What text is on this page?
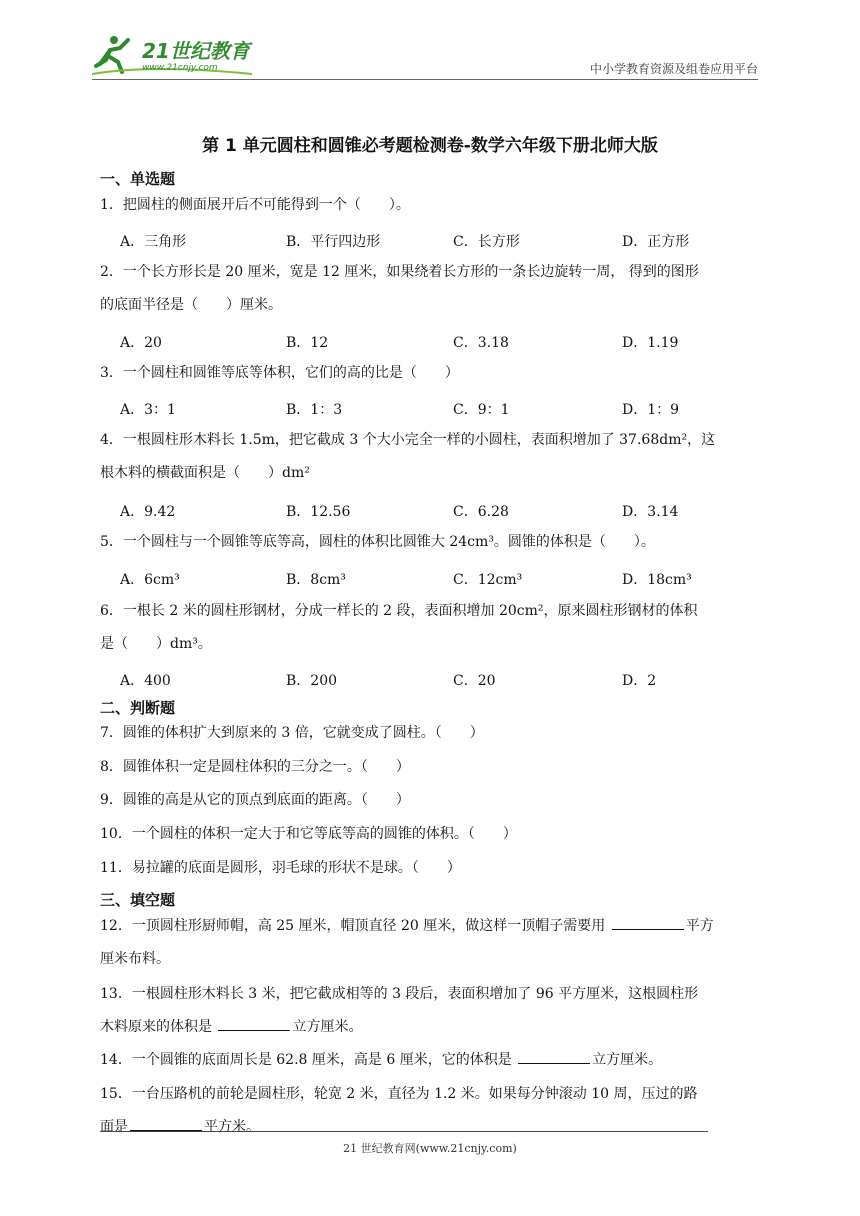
21世纪教育
www.21cnjy.com	中小学教育资源及组卷应用平台
第 1 单元圆柱和圆锥必考题检测卷-数学六年级下册北师大版
一、单选题
1．把圆柱的侧面展开后不可能得到一个（　　）。
A．三角形	B．平行四边形	C．长方形	D．正方形
2．一个长方形长是 20 厘米，宽是 12 厘米，如果绕着长方形的一条长边旋转一周， 得到的图形
的底面半径是（　　）厘米。
A．20	B．12	C．3.18	D．1.19
3．一个圆柱和圆锥等底等体积，它们的高的比是（　　）
A．3：1	B．1：3	C．9：1	D．1：9
4．一根圆柱形木料长 1.5m，把它截成 3 个大小完全一样的小圆柱，表面积增加了 37.68dm²，这
根木料的横截面积是（　　）dm²
A．9.42	B．12.56	C．6.28	D．3.14
5．一个圆柱与一个圆锥等底等高，圆柱的体积比圆锥大 24cm³。圆锥的体积是（　　）。
A．6cm³	B．8cm³	C．12cm³	D．18cm³
6．一根长 2 米的圆柱形钢材，分成一样长的 2 段，表面积增加 20cm²，原来圆柱形钢材的体积
是（　　）dm³。
A．400	B．200	C．20	D．2
二、判断题
7．圆锥的体积扩大到原来的 3 倍，它就变成了圆柱。（　　）
8．圆锥体积一定是圆柱体积的三分之一。（　　）
9．圆锥的高是从它的顶点到底面的距离。（　　）
10．一个圆柱的体积一定大于和它等底等高的圆锥的体积。（　　）
11．易拉罐的底面是圆形，羽毛球的形状不是球。（　　）
三、填空题
12．一顶圆柱形厨师帽，高 25 厘米，帽顶直径 20 厘米，做这样一顶帽子需要用	平方
厘米布料。
13．一根圆柱形木料长 3 米，把它截成相等的 3 段后，表面积增加了 96 平方厘米，这根圆柱形
木料原来的体积是	立方厘米。
14．一个圆锥的底面周长是 62.8 厘米，高是 6 厘米，它的体积是	立方厘米。
15．一台压路机的前轮是圆柱形，轮宽 2 米，直径为 1.2 米。如果每分钟滚动 10 周，压过的路
面是	平方米。
21 世纪教育网(www.21cnjy.com)
